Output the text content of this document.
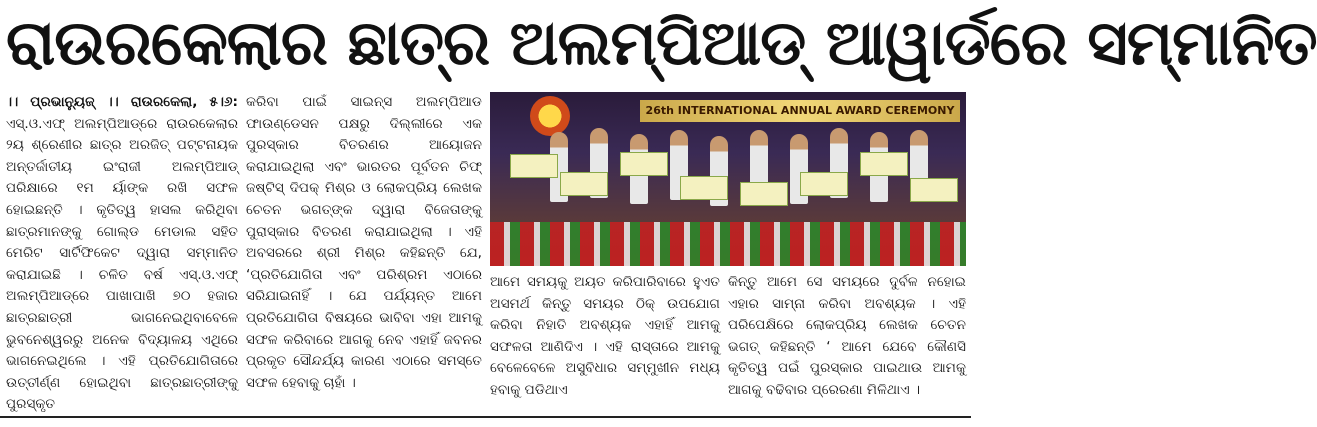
ରାଉରକେଲାର ଛାତ୍ର ଅଲମ୍ପିଆଡ୍ ଆୱାର୍ଡରେ ସମ୍ମାନିତ

।। ପ୍ରଭାନ୍ୟୁଜ୍ ।। ରାଉରକେଲା, ୫।୬: ଏସ୍.ଓ.ଏଫ୍ ଅଲମ୍ପିଆଡ୍‌ରେ ରାଉରକେଲାର ୨ୟ ଶ୍ରେଣୀର ଛାତ୍ର ଅରଜିତ୍ ପଟ୍ଟନାୟକ ଅନ୍ତର୍ଜାତୀୟ ଇଂରାଜୀ ଅଲମ୍ପିଆଡ୍ ପରିକ୍ଷାରେ ୧ମ ର୍ୟାଙ୍କ ରଖି ସଫଳ ହୋଇଛନ୍ତି । କୃତିତ୍ୱ ହାସଲ କରିଥିବା ଛାତ୍ରମାନଙ୍କୁ ଗୋଲ୍ଡ ମେଡାଲ ସହିତ ମେରିଟ ସାର୍ଟିଫିକେଟ ଦ୍ୱାରା ସମ୍ମାନିତ କରାଯାଇଛି । ଚଳିତ ବର୍ଷ ଏସ୍.ଓ.ଏଫ୍ ଅଲମ୍ପିଆଡ୍‌ରେ ପାଖାପାଖି ୭୦ ହଜାର ଛାତ୍ରଛାତ୍ରୀ ଭାଗନେଇଥିବାବେଳେ ଭୁବନେଶ୍ୱରରୁ ଅନେକ ବିଦ୍ୟାଳୟ ଏଥିରେ ଭାଗନେଇଥିଲେ । ଏହି ପ୍ରତିଯୋଗିତାରେ ଉତ୍ତୀର୍ଣ୍ଣ ହୋଇଥିବା ଛାତ୍ରଛାତ୍ରୀଙ୍କୁ ପୁରସ୍କୃତ

କରିବା ପାଇଁ ସାଇନ୍ସ ଅଲମ୍ପିଆଡ ଫାଉଣ୍ଡେସନ ପକ୍ଷରୁ ଦିଲ୍ଲୀରେ ଏକ ପୁରସ୍କାର ବିତରଣର ଆୟୋଜନ କରାଯାଇଥିଲା ଏବଂ ଭାରତର ପୂର୍ବତନ ଚିଫ୍ ଜଷ୍ଟିସ୍ ଦିପକ୍ ମିଶ୍ର ଓ ଲୋକପ୍ରିୟ ଲେଖକ ଚେତନ ଭଗତ୍‌ଙ୍କ ଦ୍ୱାରା ବିଜେତାଙ୍କୁ ପୁରାସ୍କାର ବିତରଣ କରାଯାଇଥିଲା । ଏହି ଅବସରରେ ଶ୍ରୀ ମିଶ୍ର କହିଛନ୍ତି ଯେ, ‘ପ୍ରତିଯୋଗିତା ଏବଂ ପରିଶ୍ରମ ଏଠାରେ ସରିଯାଇନାହିଁ । ଯେ ପର୍ଯ୍ୟନ୍ତ ଆମେ ପ୍ରତିଯୋଗିତା ବିଷୟରେ ଭାବିବା ଏହା ଆମକୁ ସଫଳ କରିବାରେ ଆଗକୁ ନେବ ଏହାହିଁ ଜବନର ପ୍ରକୃତ ସୌନ୍ଦର୍ଯ୍ୟ କାରଣ ଏଠାରେ ସମସ୍ତେ ସଫଳ ହେବାକୁ ଚାହାଁ ।

26th INTERNATIONAL ANNUAL AWARD CEREMONY

ଆମେ ସମୟକୁ ଅୟତ କରିପାରିବାରେ ହୁଏତ ଅସମର୍ଥ କିନ୍ତୁ ସମୟର ଠିକ୍ ଉପଯୋଗ କରିବା ନିହାତି ଅବଶ୍ୟକ ଏହାହିଁ ଆମକୁ ସଫଳତା ଆଣିଦିଏ । ଏହି ରାସ୍ତାରେ ଆମକୁ ବେଳେବେଳେ ଅସୁବିଧାର ସମ୍ମୁଖୀନ ମଧ୍ୟ ହବାକୁ ପଡିଥାଏ

କିନ୍ତୁ ଆମେ ସେ ସମୟରେ ଦୁର୍ବଳ ନହୋଇ ଏହାର ସାମ୍ନା କରିବା ଅବଶ୍ୟକ । ଏହି ପରିପେକ୍ଷିରେ ଲୋକପ୍ରିୟ ଲେଖକ ଚେତନ ଭଗତ୍ କହିଛନ୍ତି ‘ ଆମେ ଯେବେ କୌଣସି କୃତିତ୍ୱ ପଇଁ ପୁରସ୍କାର ପାଇଥାଉ ଆମକୁ ଆଗକୁ ବଢିବାର ପ୍ରେରଣା ମିଳିଥାଏ ।
